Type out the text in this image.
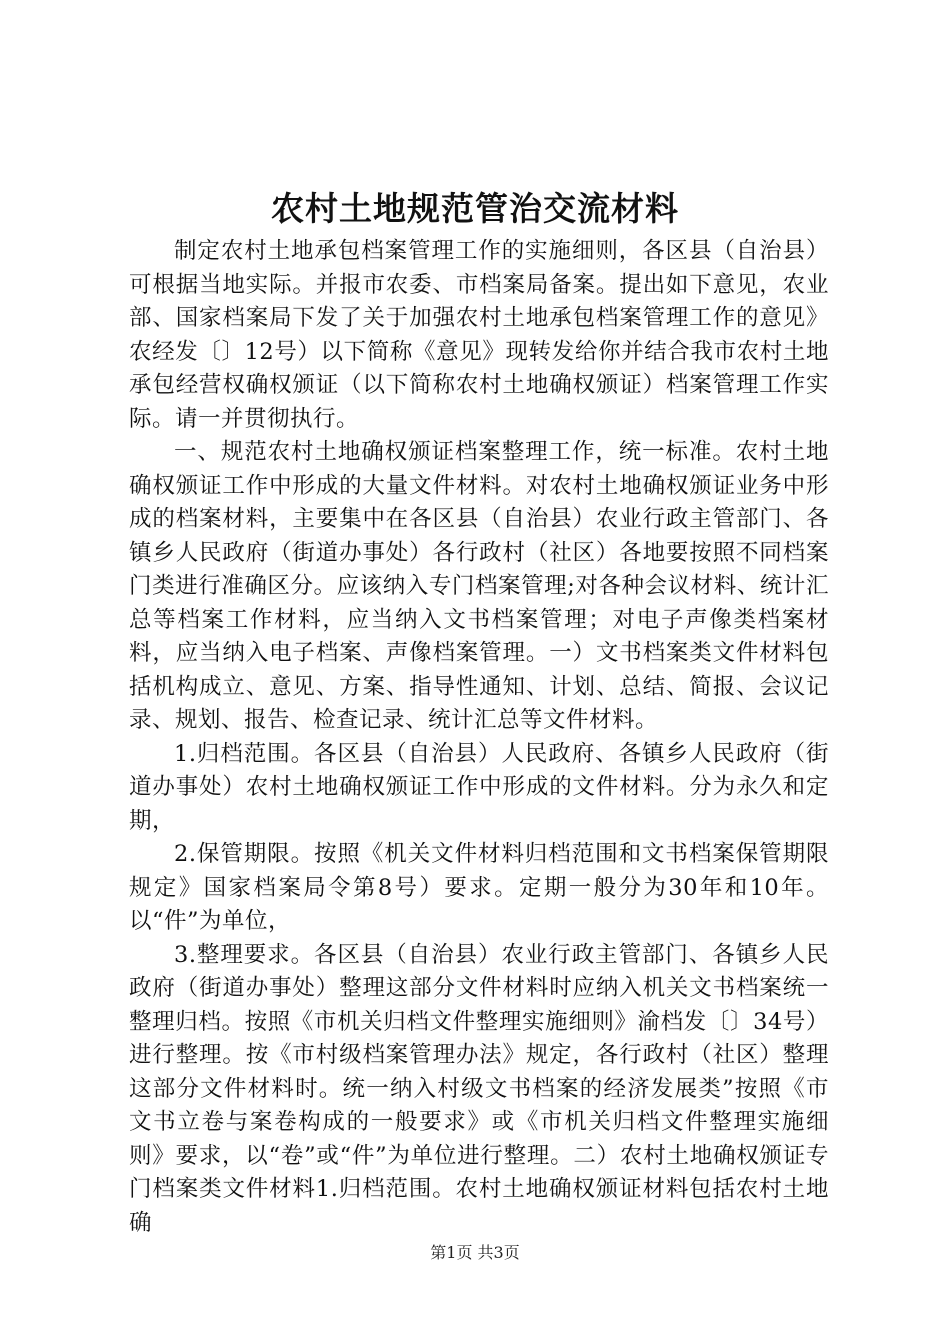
农村土地规范管治交流材料

制定农村土地承包档案管理工作的实施细则，各区县（自治县）可根据当地实际。并报市农委、市档案局备案。提出如下意见，农业部、国家档案局下发了关于加强农村土地承包档案管理工作的意见》农经发〔〕12号）以下简称《意见》现转发给你并结合我市农村土地承包经营权确权颁证（以下简称农村土地确权颁证）档案管理工作实际。请一并贯彻执行。

一、规范农村土地确权颁证档案整理工作，统一标准。农村土地确权颁证工作中形成的大量文件材料。对农村土地确权颁证业务中形成的档案材料，主要集中在各区县（自治县）农业行政主管部门、各镇乡人民政府（街道办事处）各行政村（社区）各地要按照不同档案门类进行准确区分。应该纳入专门档案管理;对各种会议材料、统计汇总等档案工作材料，应当纳入文书档案管理；对电子声像类档案材料，应当纳入电子档案、声像档案管理。一）文书档案类文件材料包括机构成立、意见、方案、指导性通知、计划、总结、简报、会议记录、规划、报告、检查记录、统计汇总等文件材料。

1.归档范围。各区县（自治县）人民政府、各镇乡人民政府（街道办事处）农村土地确权颁证工作中形成的文件材料。分为永久和定期，

2.保管期限。按照《机关文件材料归档范围和文书档案保管期限规定》国家档案局令第8号）要求。定期一般分为30年和10年。以“件”为单位，

3.整理要求。各区县（自治县）农业行政主管部门、各镇乡人民政府（街道办事处）整理这部分文件材料时应纳入机关文书档案统一整理归档。按照《市机关归档文件整理实施细则》渝档发〔〕34号）进行整理。按《市村级档案管理办法》规定，各行政村（社区）整理这部分文件材料时。统一纳入村级文书档案的经济发展类”按照《市文书立卷与案卷构成的一般要求》或《市机关归档文件整理实施细则》要求，以“卷”或“件”为单位进行整理。二）农村土地确权颁证专门档案类文件材料1.归档范围。农村土地确权颁证材料包括农村土地确

第1页 共3页
